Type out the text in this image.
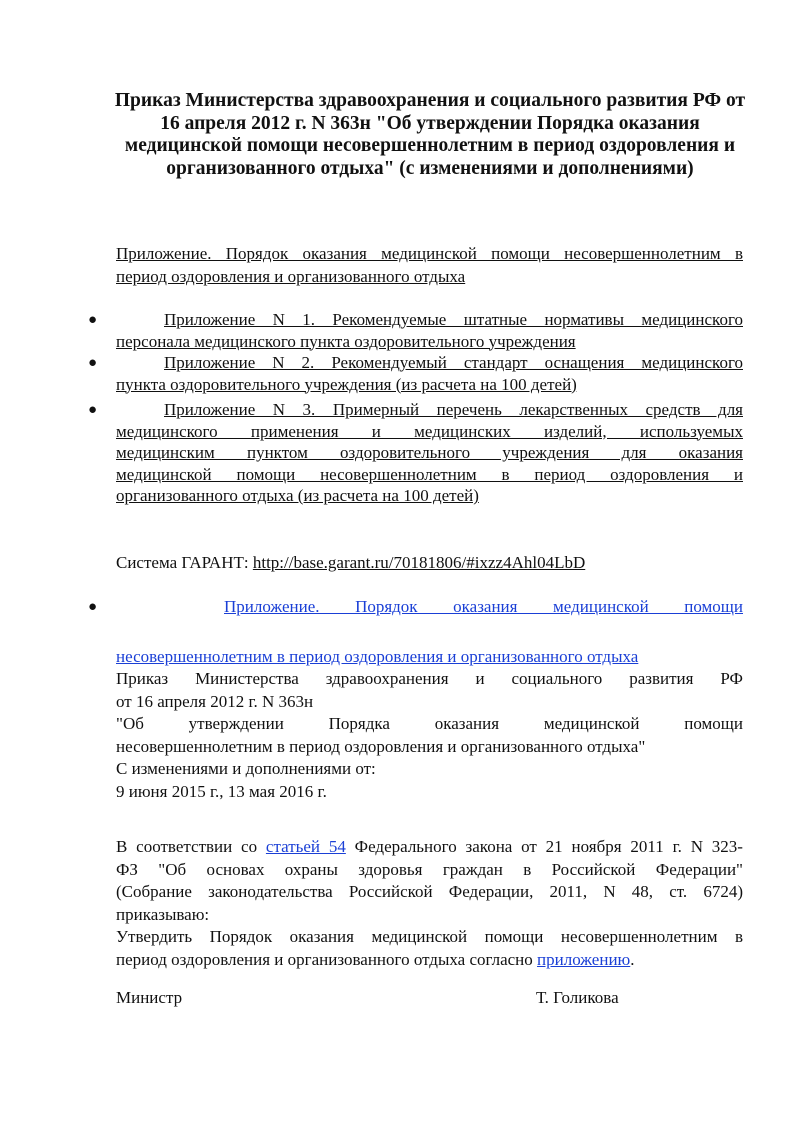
Приказ Министерства здравоохранения и социального развития РФ от 16 апреля 2012 г. N 363н "Об утверждении Порядка оказания медицинской помощи несовершеннолетним в период оздоровления и организованного отдыха" (с изменениями и дополнениями)
Приложение. Порядок оказания медицинской помощи несовершеннолетним в
период оздоровления и организованного отдыха
●	Приложение N 1. Рекомендуемые штатные нормативы медицинского
персонала медицинского пункта оздоровительного учреждения
●	Приложение N 2. Рекомендуемый стандарт оснащения медицинского
пункта оздоровительного учреждения (из расчета на 100 детей)
●	Приложение N 3. Примерный перечень лекарственных средств для
медицинского применения и медицинских изделий, используемых
медицинским пунктом оздоровительного учреждения для оказания
медицинской помощи несовершеннолетним в период оздоровления и
организованного отдыха (из расчета на 100 детей)
Система ГАРАНТ: http://base.garant.ru/70181806/#ixzz4Ahl04LbD
●	Приложение. Порядок оказания медицинской помощи
несовершеннолетним в период оздоровления и организованного отдыха
Приказ Министерства здравоохранения и социального развития РФ
от 16 апреля 2012 г. N 363н
"Об утверждении Порядка оказания медицинской помощи
несовершеннолетним в период оздоровления и организованного отдыха"
С изменениями и дополнениями от:
9 июня 2015 г., 13 мая 2016 г.
В соответствии со статьей 54 Федерального закона от 21 ноября 2011 г. N 323-
ФЗ "Об основах охраны здоровья граждан в Российской Федерации"
(Собрание законодательства Российской Федерации, 2011, N 48, ст. 6724)
приказываю:
Утвердить Порядок оказания медицинской помощи несовершеннолетним в
период оздоровления и организованного отдыха согласно приложению.
Министр	Т. Голикова
